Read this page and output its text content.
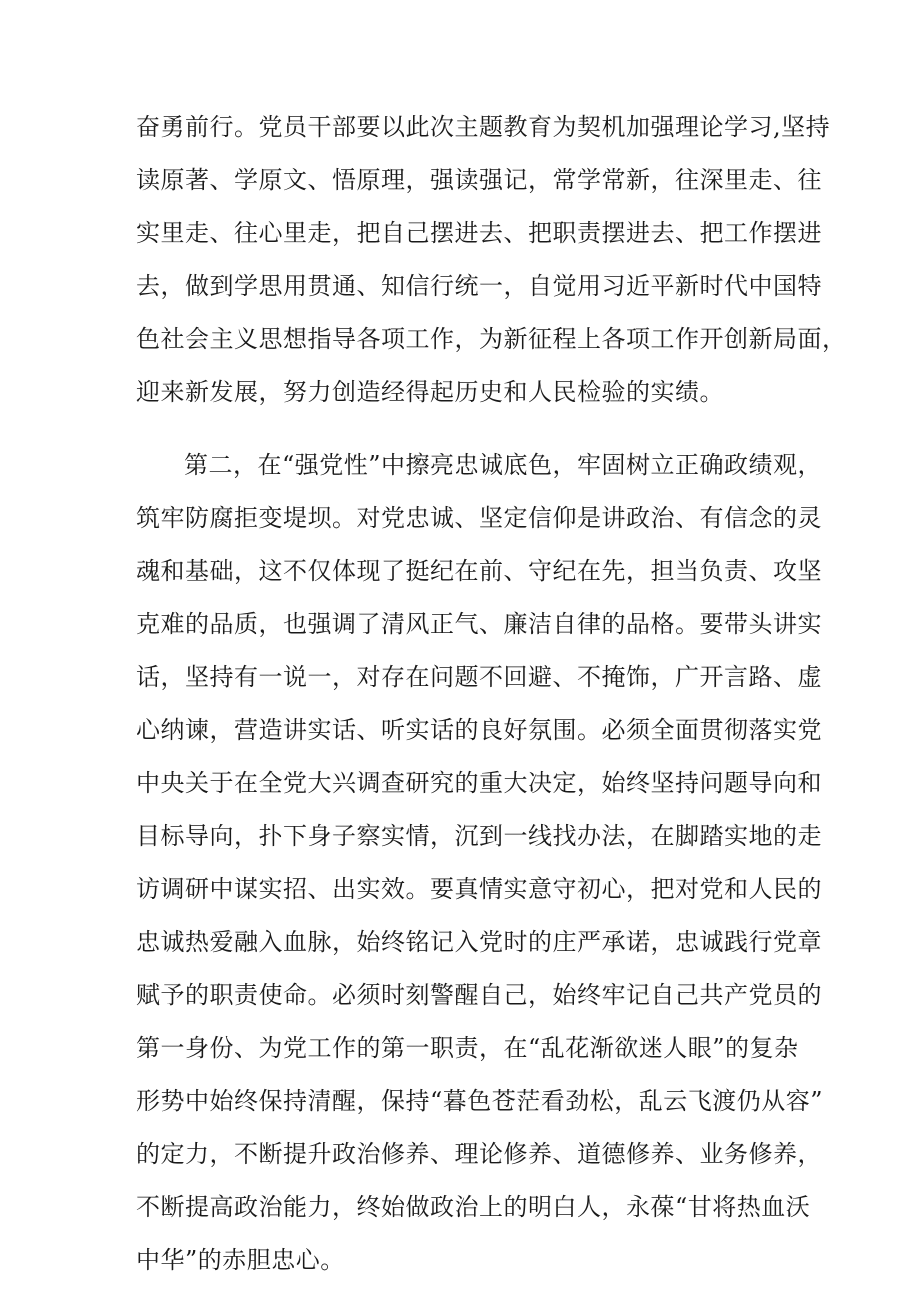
奋勇前行。党员干部要以此次主题教育为契机加强理论学习,坚持
读原著、学原文、悟原理，强读强记，常学常新，往深里走、往
实里走、往心里走，把自己摆进去、把职责摆进去、把工作摆进
去，做到学思用贯通、知信行统一，自觉用习近平新时代中国特
色社会主义思想指导各项工作，为新征程上各项工作开创新局面，
迎来新发展，努力创造经得起历史和人民检验的实绩。
第二，在“强党性”中擦亮忠诚底色，牢固树立正确政绩观，
筑牢防腐拒变堤坝。对党忠诚、坚定信仰是讲政治、有信念的灵
魂和基础，这不仅体现了挺纪在前、守纪在先，担当负责、攻坚
克难的品质，也强调了清风正气、廉洁自律的品格。要带头讲实
话，坚持有一说一，对存在问题不回避、不掩饰，广开言路、虚
心纳谏，营造讲实话、听实话的良好氛围。必须全面贯彻落实党
中央关于在全党大兴调查研究的重大决定，始终坚持问题导向和
目标导向，扑下身子察实情，沉到一线找办法，在脚踏实地的走
访调研中谋实招、出实效。要真情实意守初心，把对党和人民的
忠诚热爱融入血脉，始终铭记入党时的庄严承诺，忠诚践行党章
赋予的职责使命。必须时刻警醒自己，始终牢记自己共产党员的
第一身份、为党工作的第一职责，在“乱花渐欲迷人眼”的复杂
形势中始终保持清醒，保持“暮色苍茫看劲松，乱云飞渡仍从容”
的定力，不断提升政治修养、理论修养、道德修养、业务修养，
不断提高政治能力，终始做政治上的明白人，永葆“甘将热血沃
中华”的赤胆忠心。
